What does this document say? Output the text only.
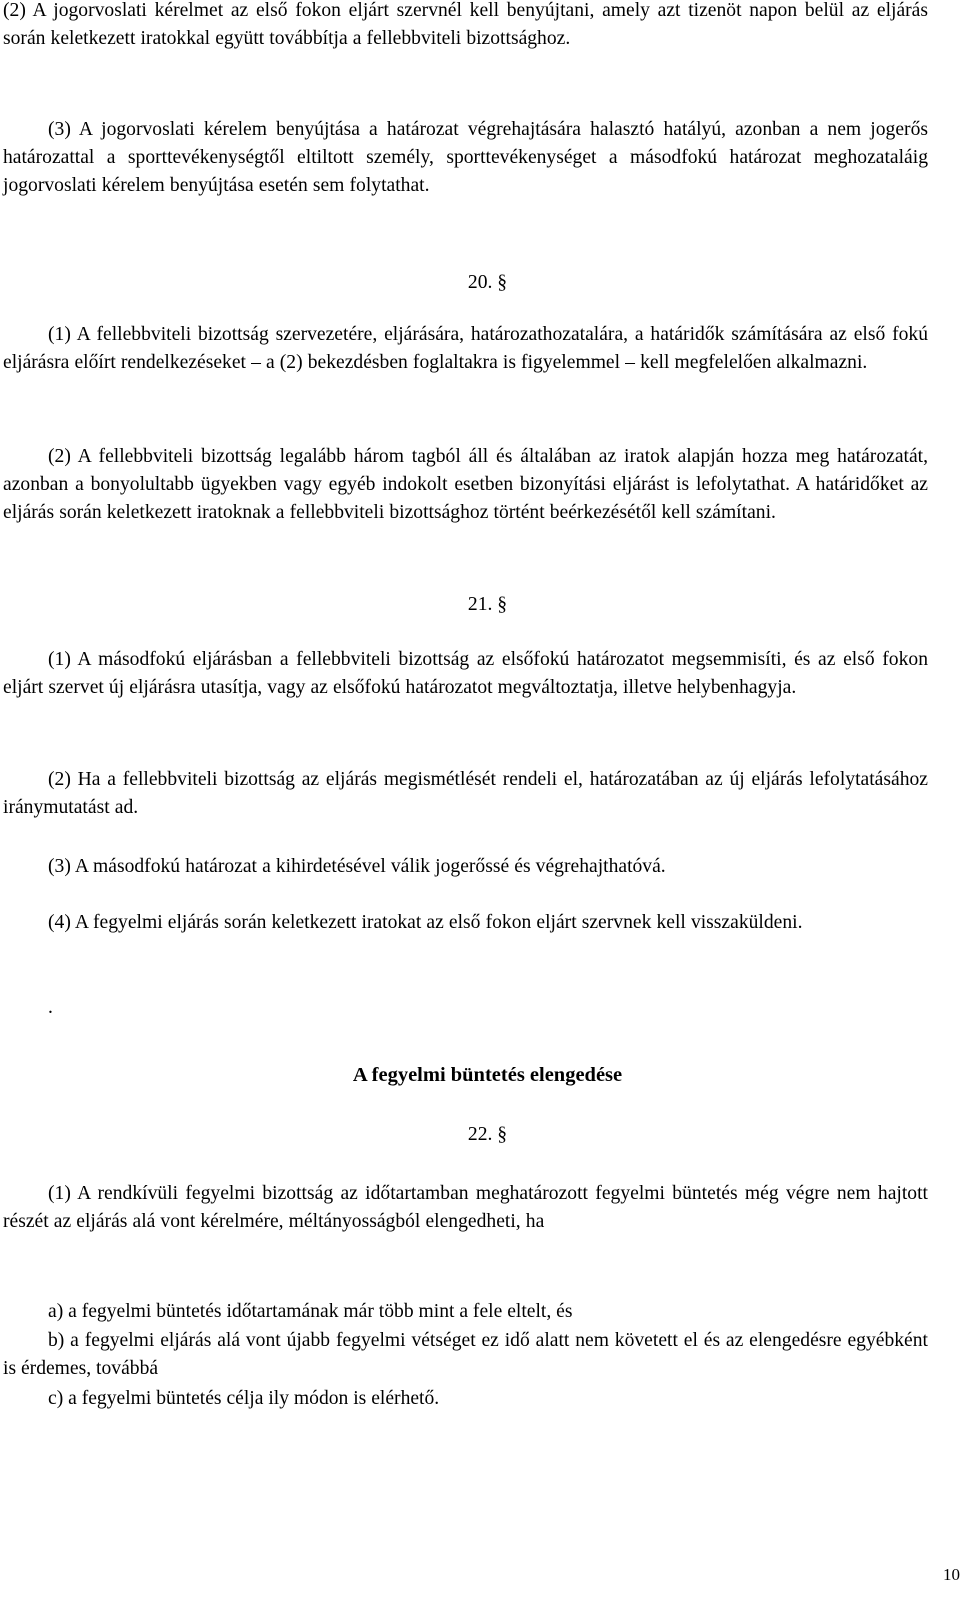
(2) A jogorvoslati kérelmet az első fokon eljárt szervnél kell benyújtani, amely azt tizenöt napon belül az eljárás során keletkezett iratokkal együtt továbbítja a fellebbviteli bizottsághoz.

(3) A jogorvoslati kérelem benyújtása a határozat végrehajtására halasztó hatályú, azonban a nem jogerős határozattal a sporttevékenységtől eltiltott személy, sporttevékenységet a másodfokú határozat meghozataláig jogorvoslati kérelem benyújtása esetén sem folytathat.

20. §

(1) A fellebbviteli bizottság szervezetére, eljárására, határozathozatalára, a határidők számítására az első fokú eljárásra előírt rendelkezéseket – a (2) bekezdésben foglaltakra is figyelemmel – kell megfelelően alkalmazni.

(2) A fellebbviteli bizottság legalább három tagból áll és általában az iratok alapján hozza meg határozatát, azonban a bonyolultabb ügyekben vagy egyéb indokolt esetben bizonyítási eljárást is lefolytathat. A határidőket az eljárás során keletkezett iratoknak a fellebbviteli bizottsághoz történt beérkezésétől kell számítani.

21. §

(1) A másodfokú eljárásban a fellebbviteli bizottság az elsőfokú határozatot megsemmisíti, és az első fokon eljárt szervet új eljárásra utasítja, vagy az elsőfokú határozatot megváltoztatja, illetve helybenhagyja.

(2) Ha a fellebbviteli bizottság az eljárás megismétlését rendeli el, határozatában az új eljárás lefolytatásához iránymutatást ad.

(3) A másodfokú határozat a kihirdetésével válik jogerőssé és végrehajthatóvá.

(4) A fegyelmi eljárás során keletkezett iratokat az első fokon eljárt szervnek kell visszaküldeni.

.

A fegyelmi büntetés elengedése

22. §

(1) A rendkívüli fegyelmi bizottság az időtartamban meghatározott fegyelmi büntetés még végre nem hajtott részét az eljárás alá vont kérelmére, méltányosságból elengedheti, ha

a) a fegyelmi büntetés időtartamának már több mint a fele eltelt, és

b) a fegyelmi eljárás alá vont újabb fegyelmi vétséget ez idő alatt nem követett el és az elengedésre egyébként is érdemes, továbbá

c) a fegyelmi büntetés célja ily módon is elérhető.

10
